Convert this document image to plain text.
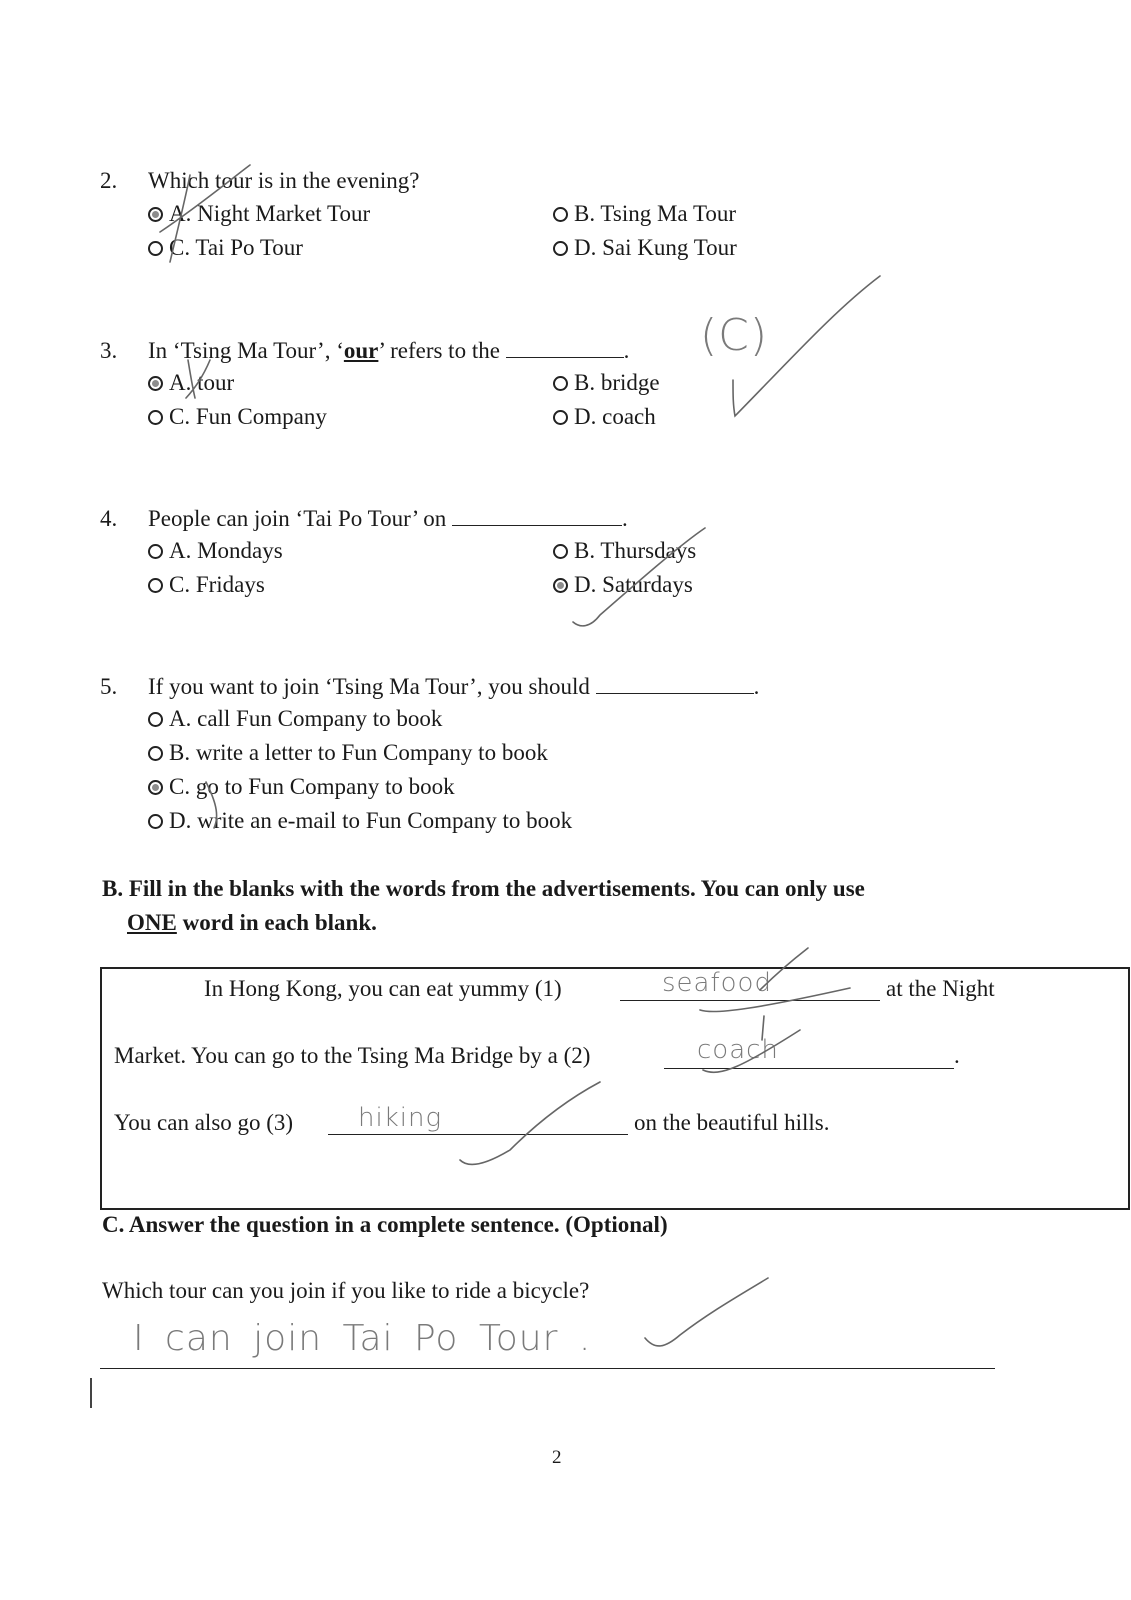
2. Which tour is in the evening?
A. Night Market Tour	B. Tsing Ma Tour
C. Tai Po Tour	D. Sai Kung Tour
3. In ‘Tsing Ma Tour’, ‘our’ refers to the	. (C)
A. tour	B. bridge
C. Fun Company	D. coach
4. People can join ‘Tai Po Tour’ on	.
A. Mondays	B. Thursdays
C. Fridays	D. Saturdays
5. If you want to join ‘Tsing Ma Tour’, you should	.
A. call Fun Company to book
B. write a letter to Fun Company to book
C. go to Fun Company to book
D. write an e-mail to Fun Company to book
B. Fill in the blanks with the words from the advertisements. You can only use
ONE word in each blank.
In Hong Kong, you can eat yummy (1)	seafood	at the Night
Market. You can go to the Tsing Ma Bridge by a (2)	.
coach
You can also go (3) hiking	on the beautiful hills.
C. Answer the question in a complete sentence. (Optional)
Which tour can you join if you like to ride a bicycle?
I can join Tai Po Tour .
2
